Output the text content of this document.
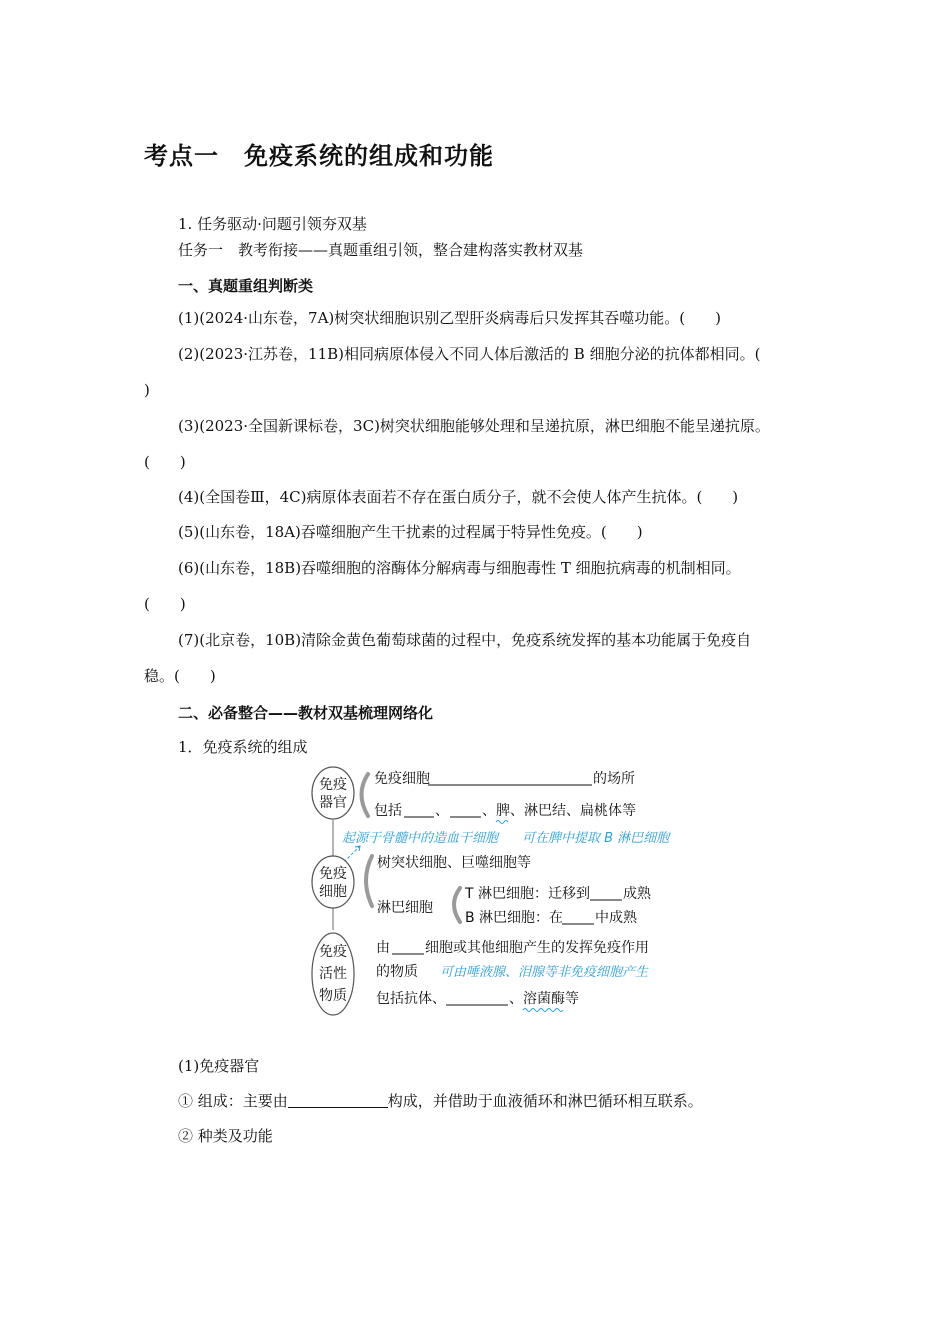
考点一　免疫系统的组成和功能
1. 任务驱动·问题引领夯双基
任务一　教考衔接——真题重组引领，整合建构落实教材双基
一、真题重组判断类
(1)(2024·山东卷，7A)树突状细胞识别乙型肝炎病毒后只发挥其吞噬功能。(　　)
(2)(2023·江苏卷，11B)相同病原体侵入不同人体后激活的 B 细胞分泌的抗体都相同。(
)
(3)(2023·全国新课标卷，3C)树突状细胞能够处理和呈递抗原，淋巴细胞不能呈递抗原。
(　　)
(4)(全国卷Ⅲ，4C)病原体表面若不存在蛋白质分子，就不会使人体产生抗体。(　　)
(5)(山东卷，18A)吞噬细胞产生干扰素的过程属于特异性免疫。(　　)
(6)(山东卷，18B)吞噬细胞的溶酶体分解病毒与细胞毒性 T 细胞抗病毒的机制相同。
(　　)
(7)(北京卷，10B)清除金黄色葡萄球菌的过程中，免疫系统发挥的基本功能属于免疫自
稳。(　　)
二、必备整合——教材双基梳理网络化
1．免疫系统的组成
免疫
器官
免疫细胞	的场所
包括 、 、脾、淋巴结、扁桃体等
起源于骨髓中的造血干细胞 可在脾中提取 B 淋巴细胞
免疫
细胞
树突状细胞、巨噬细胞等
淋巴细胞
T 淋巴细胞：迁移到 成熟
B 淋巴细胞：在 中成熟
免疫
活性
物质
由	细胞或其他细胞产生的发挥免疫作用
的物质 可由唾液腺、泪腺等非免疫细胞产生
包括抗体、	、溶菌酶等
(1)免疫器官
① 组成：主要由	构成，并借助于血液循环和淋巴循环相互联系。
② 种类及功能
